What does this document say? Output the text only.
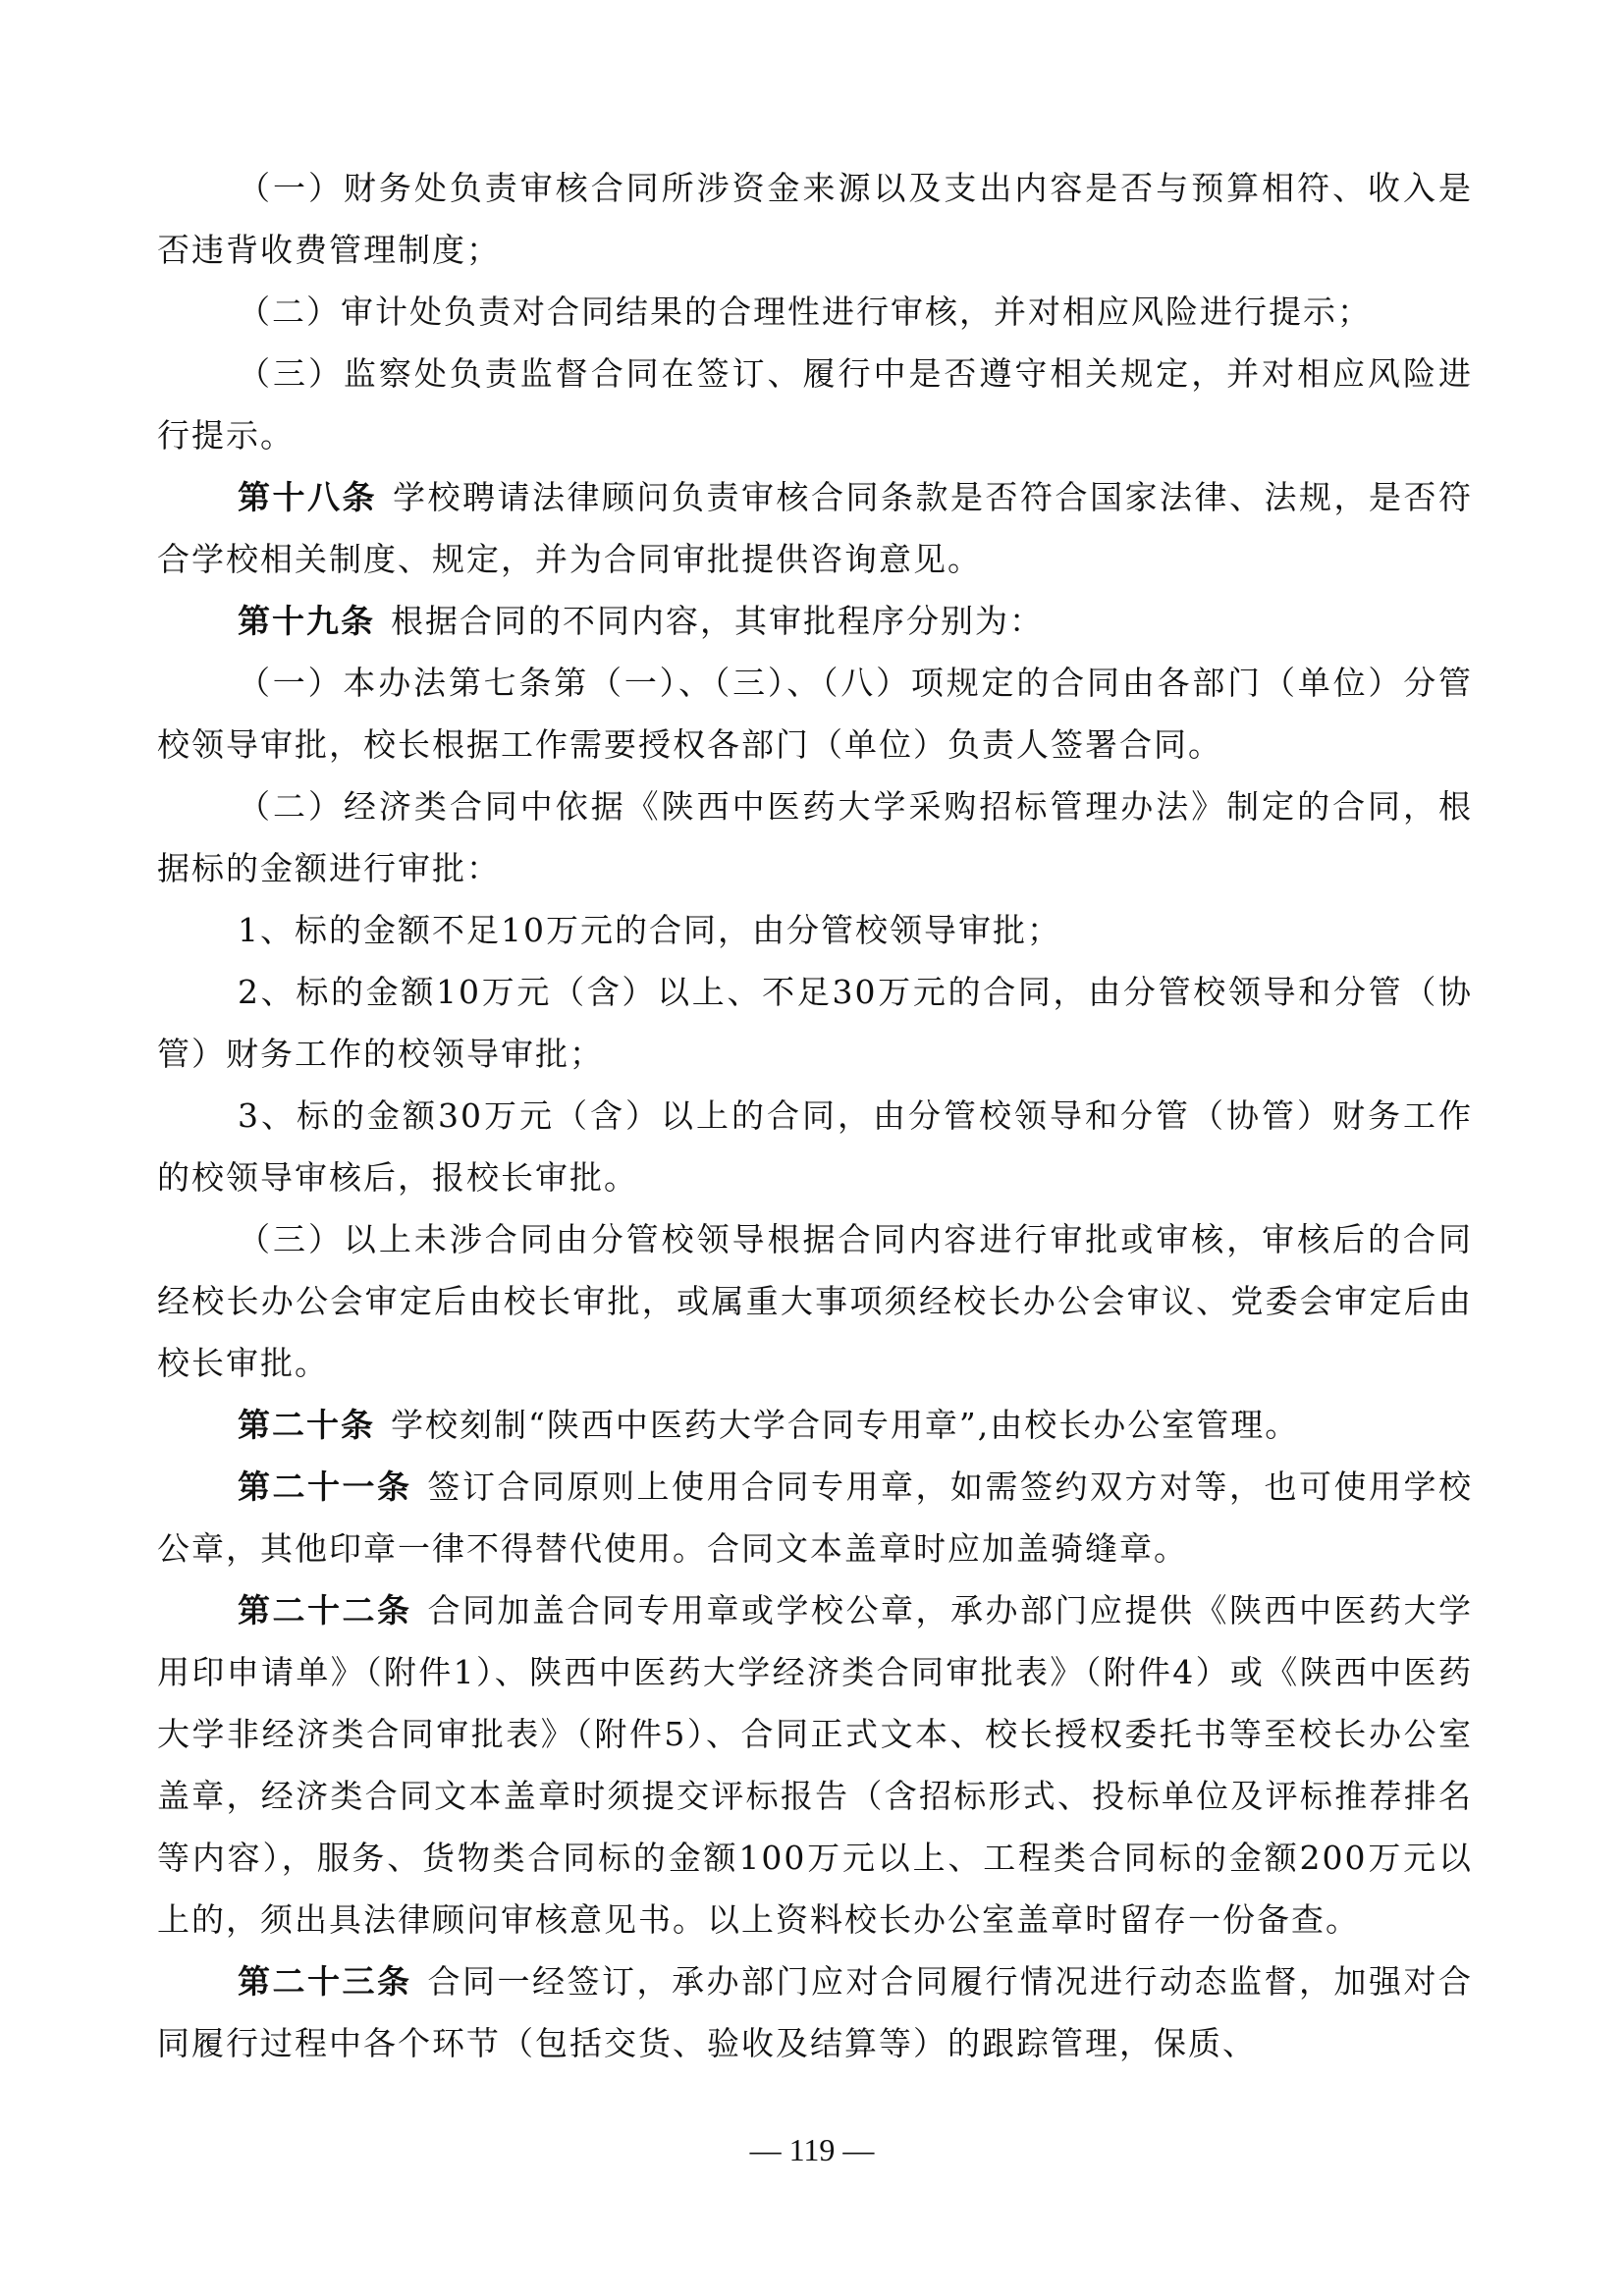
（一）财务处负责审核合同所涉资金来源以及支出内容是否与预算相符、收入是否违背收费管理制度；

（二）审计处负责对合同结果的合理性进行审核，并对相应风险进行提示；

（三）监察处负责监督合同在签订、履行中是否遵守相关规定，并对相应风险进行提示。

第十八条 学校聘请法律顾问负责审核合同条款是否符合国家法律、法规，是否符合学校相关制度、规定，并为合同审批提供咨询意见。

第十九条 根据合同的不同内容，其审批程序分别为：

（一）本办法第七条第（一）、（三）、（八）项规定的合同由各部门（单位）分管校领导审批，校长根据工作需要授权各部门（单位）负责人签署合同。

（二）经济类合同中依据《陕西中医药大学采购招标管理办法》制定的合同，根据标的金额进行审批：

1、标的金额不足10万元的合同，由分管校领导审批；

2、标的金额10万元（含）以上、不足30万元的合同，由分管校领导和分管（协管）财务工作的校领导审批；

3、标的金额30万元（含）以上的合同，由分管校领导和分管（协管）财务工作的校领导审核后，报校长审批。

（三）以上未涉合同由分管校领导根据合同内容进行审批或审核，审核后的合同经校长办公会审定后由校长审批，或属重大事项须经校长办公会审议、党委会审定后由校长审批。

第二十条 学校刻制“陕西中医药大学合同专用章”,由校长办公室管理。

第二十一条 签订合同原则上使用合同专用章，如需签约双方对等，也可使用学校公章，其他印章一律不得替代使用。合同文本盖章时应加盖骑缝章。

第二十二条 合同加盖合同专用章或学校公章，承办部门应提供《陕西中医药大学用印申请单》（附件1）、陕西中医药大学经济类合同审批表》（附件4）或《陕西中医药大学非经济类合同审批表》（附件5）、合同正式文本、校长授权委托书等至校长办公室盖章，经济类合同文本盖章时须提交评标报告（含招标形式、投标单位及评标推荐排名等内容），服务、货物类合同标的金额100万元以上、工程类合同标的金额200万元以上的，须出具法律顾问审核意见书。以上资料校长办公室盖章时留存一份备查。

第二十三条 合同一经签订，承办部门应对合同履行情况进行动态监督，加强对合同履行过程中各个环节（包括交货、验收及结算等）的跟踪管理，保质、

— 119 —
